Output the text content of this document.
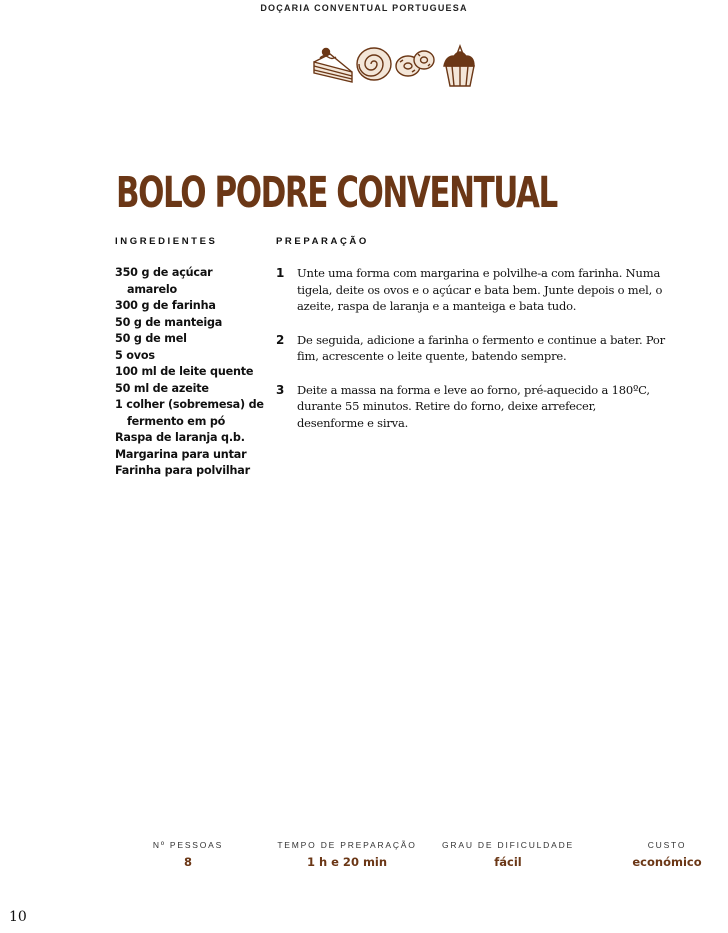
DOÇARIA CONVENTUAL PORTUGUESA
BOLO PODRE CONVENTUAL
INGREDIENTES	PREPARAÇÃO
350 g de açúcar amarelo
300 g de farinha
50 g de manteiga
50 g de mel
5 ovos
100 ml de leite quente
50 ml de azeite
1 colher (sobremesa) de fermento em pó
Raspa de laranja q.b.
Margarina para untar
Farinha para polvilhar
1	Unte uma forma com margarina e polvilhe-a com farinha. Numa tigela, deite os ovos e o açúcar e bata bem. Junte depois o mel, o azeite, raspa de laranja e a manteiga e bata tudo.
2	De seguida, adicione a farinha o fermento e continue a bater. Por fim, acrescente o leite quente, batendo sempre.
3	Deite a massa na forma e leve ao forno, pré-aquecido a 180ºC, durante 55 minutos. Retire do forno, deixe arrefecer, desenforme e sirva.
Nº PESSOAS
8
TEMPO DE PREPARAÇÃO
1 h e 20 min
GRAU DE DIFICULDADE
fácil
CUSTO
económico
10
